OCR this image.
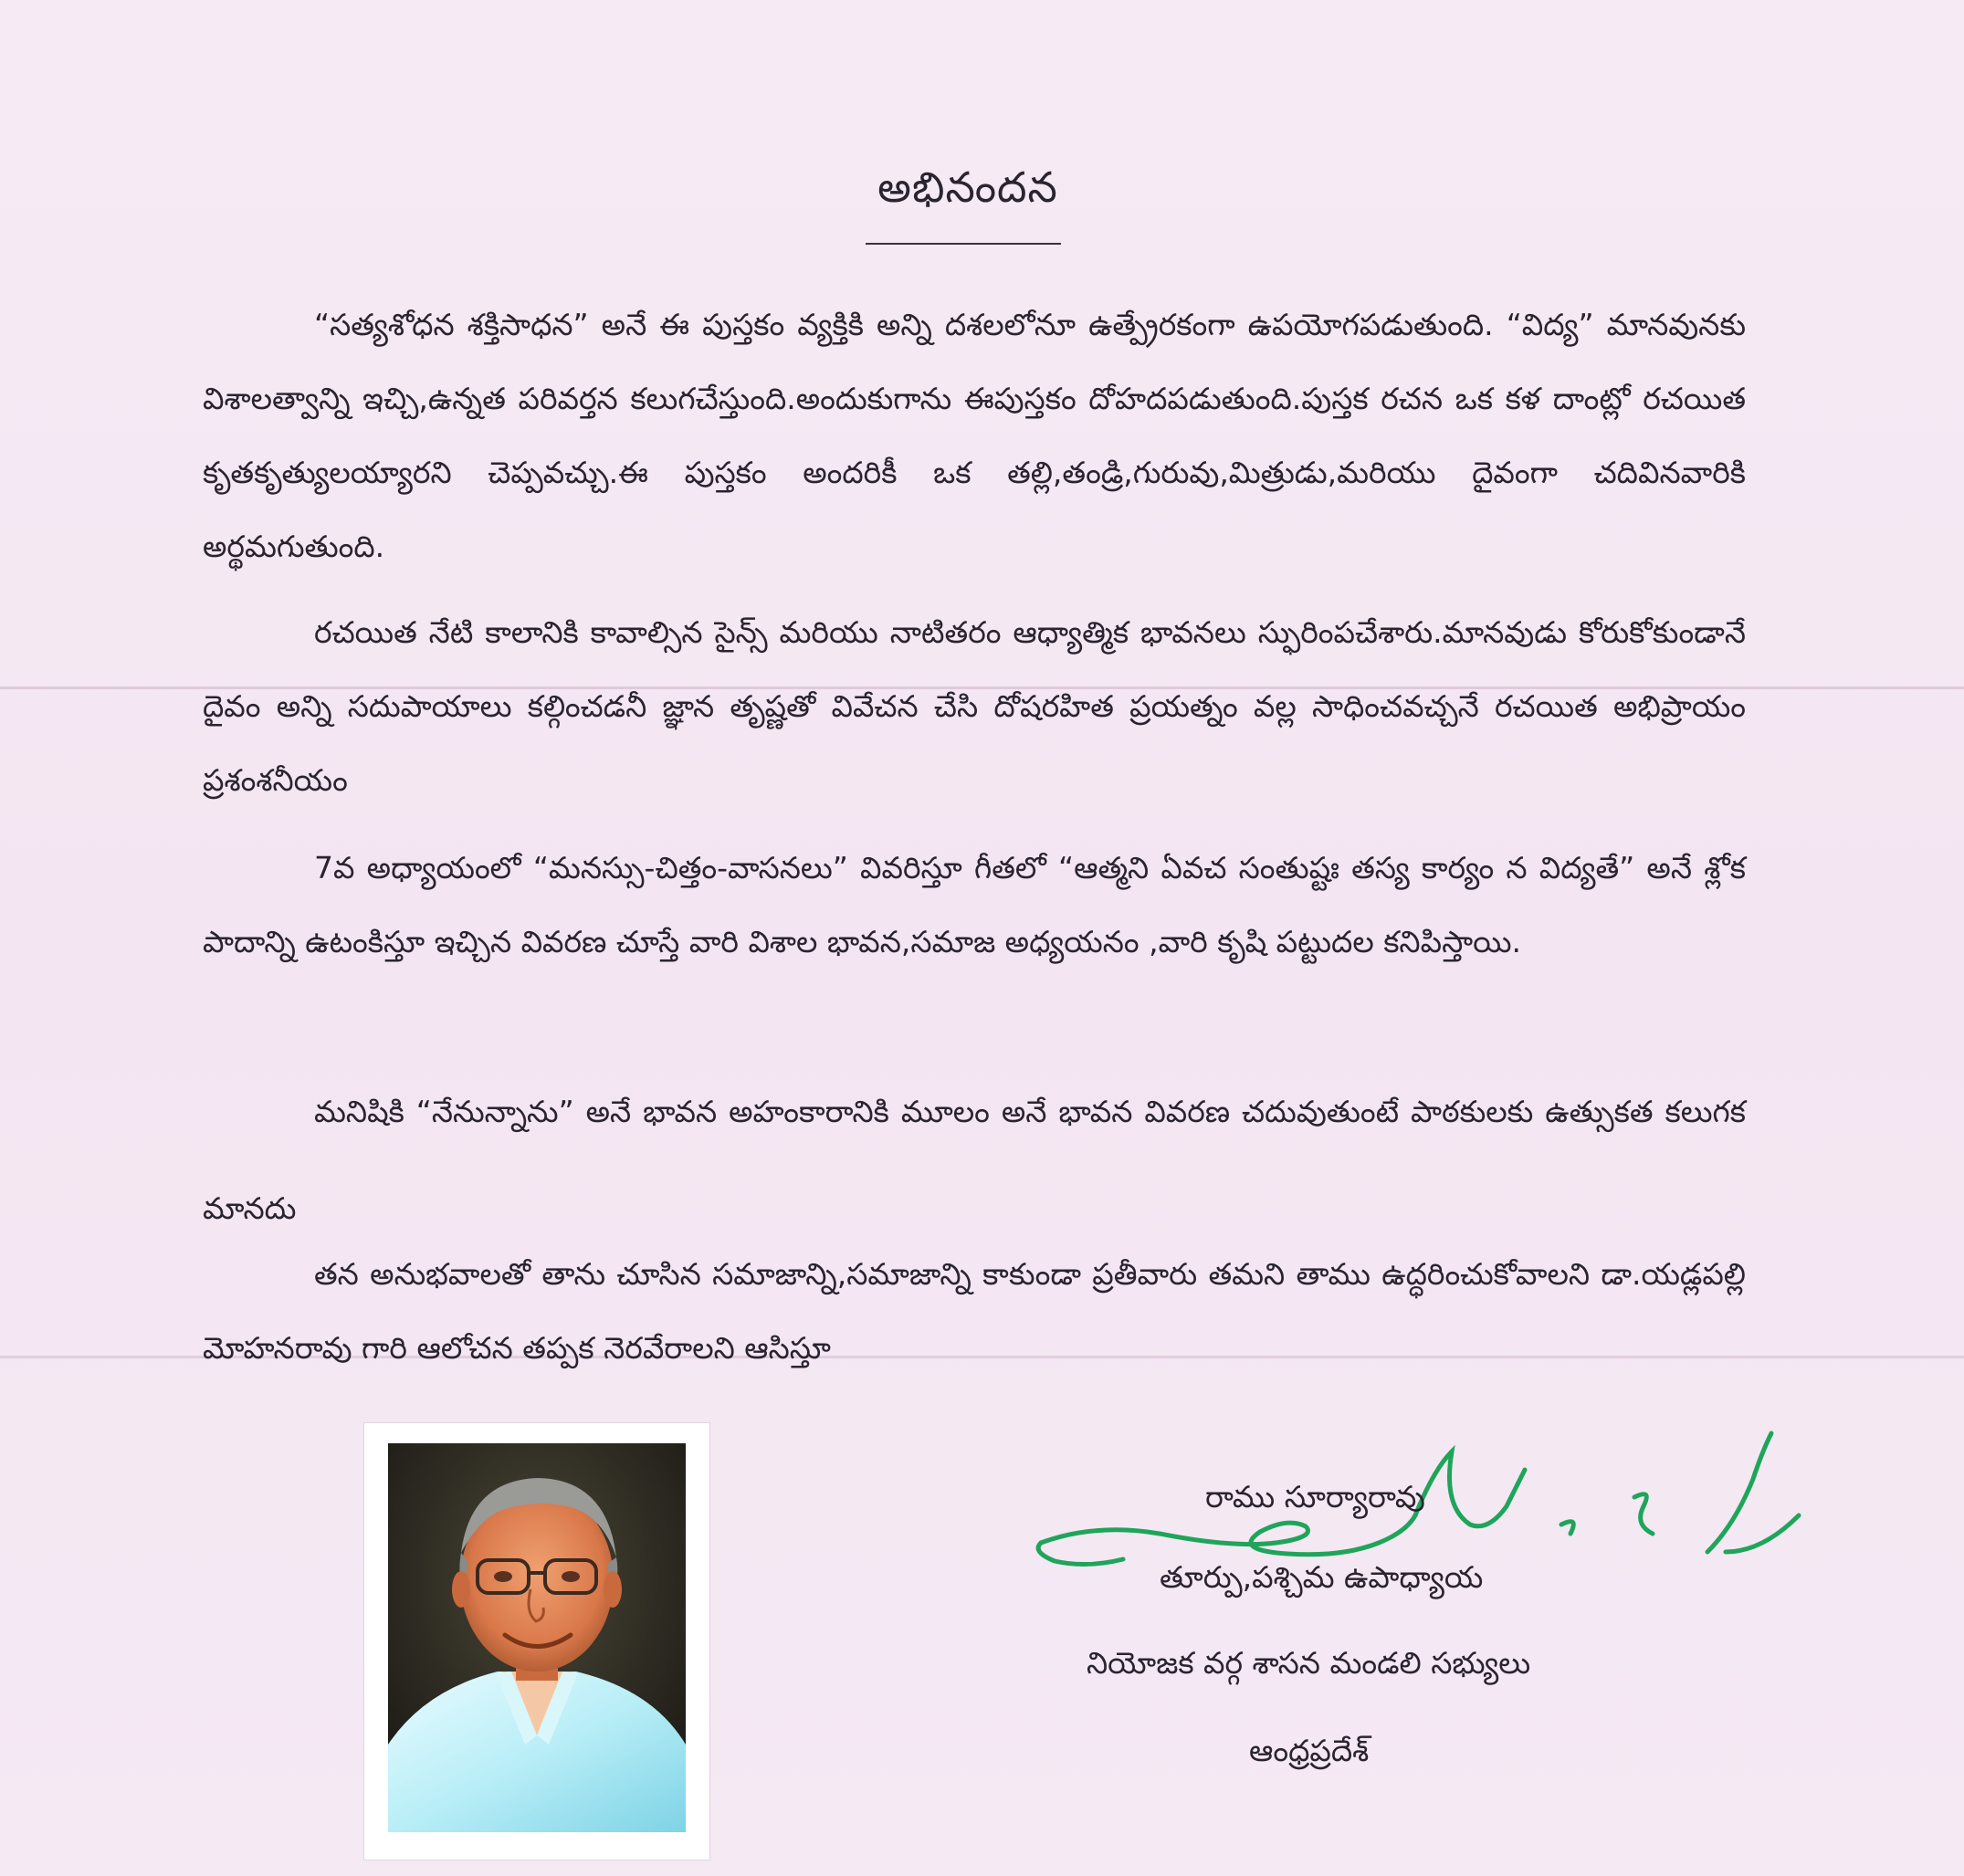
అభినందన

“సత్యశోధన శక్తిసాధన” అనే ఈ పుస్తకం వ్యక్తికి అన్ని దశలలోనూ ఉత్ప్రేరకంగా ఉపయోగపడుతుంది. “విద్య” మానవునకు విశాలత్వాన్ని ఇచ్చి,ఉన్నత పరివర్తన కలుగచేస్తుంది.అందుకుగాను ఈపుస్తకం దోహదపడుతుంది.పుస్తక రచన ఒక కళ దాంట్లో రచయిత కృతకృత్యులయ్యారని చెప్పవచ్చు.ఈ పుస్తకం అందరికీ ఒక తల్లి,తండ్రి,గురువు,మిత్రుడు,మరియు దైవంగా చదివినవారికి అర్థమగుతుంది.

రచయిత నేటి కాలానికి కావాల్సిన సైన్స్ మరియు నాటితరం ఆధ్యాత్మిక భావనలు స్ఫురింపచేశారు.మానవుడు కోరుకోకుండానే దైవం అన్ని సదుపాయాలు కల్గించడనీ జ్ఞాన తృష్ణతో వివేచన చేసి దోషరహిత ప్రయత్నం వల్ల సాధించవచ్చనే రచయిత అభిప్రాయం ప్రశంశనీయం

7వ అధ్యాయంలో “మనస్సు-చిత్తం-వాసనలు” వివరిస్తూ గీతలో “ఆత్మని ఏవచ సంతుష్టః తస్య కార్యం న విద్యతే” అనే శ్లోక పాదాన్ని ఉటంకిస్తూ ఇచ్చిన వివరణ చూస్తే వారి విశాల భావన,సమాజ అధ్యయనం ,వారి కృషి పట్టుదల కనిపిస్తాయి.

మనిషికి “నేనున్నాను” అనే భావన అహంకారానికి మూలం అనే భావన వివరణ చదువుతుంటే పాఠకులకు ఉత్సుకత కలుగక మానదు

తన అనుభవాలతో తాను చూసిన సమాజాన్ని,సమాజాన్ని కాకుండా ప్రతీవారు తమని తాము ఉద్ధరించుకోవాలని డా.యడ్లపల్లి మోహనరావు గారి ఆలోచన తప్పక నెరవేరాలని ఆసిస్తూ

రాము సూర్యారావు
తూర్పు,పశ్చిమ ఉపాధ్యాయ
నియోజక వర్గ శాసన మండలి సభ్యులు
ఆంధ్రప్రదేశ్
